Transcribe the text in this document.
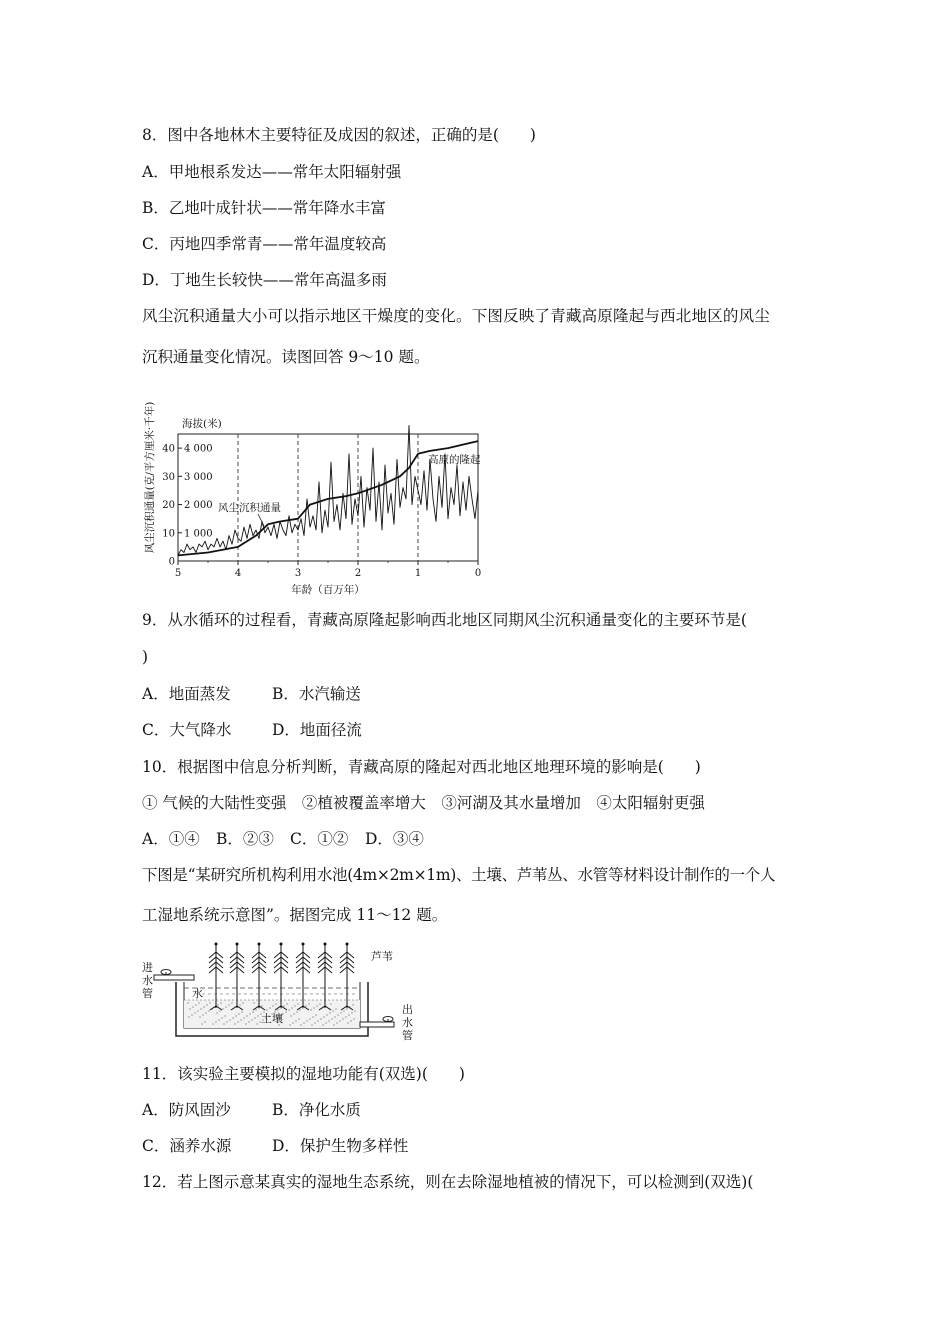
8．图中各地林木主要特征及成因的叙述，正确的是(　　)
A．甲地根系发达——常年太阳辐射强
B．乙地叶成针状——常年降水丰富
C．丙地四季常青——常年温度较高
D．丁地生长较快——常年高温多雨
风尘沉积通量大小可以指示地区干燥度的变化。下图反映了青藏高原隆起与西北地区的风尘
沉积通量变化情况。读图回答 9～10 题。
5	4	3	2	1	0
0
10
20
30
40
1 000
2 000
3 000
4 000
海拔(米)
风尘沉积通量
高原的隆起
年龄（百万年）
风尘沉积通量(克/平方厘米·千年)
9．从水循环的过程看，青藏高原隆起影响西北地区同期风尘沉积通量变化的主要环节是(
)
A．地面蒸发	B．水汽输送
C．大气降水	D．地面径流
10．根据图中信息分析判断，青藏高原的隆起对西北地区地理环境的影响是(　　)
① 气候的大陆性变强　②植被覆盖率增大　③河湖及其水量增加　④太阳辐射更强
A．①④ B．②③ C．①② D．③④
下图是“某研究所机构利用水池(4m×2m×1m)、土壤、芦苇丛、水管等材料设计制作的一个人
工湿地系统示意图”。据图完成 11～12 题。
进
水
管	水
土壤
芦苇
出
水
管
11．该实验主要模拟的湿地功能有(双选)(　　)
A．防风固沙	B．净化水质
C．涵养水源	D．保护生物多样性
12．若上图示意某真实的湿地生态系统，则在去除湿地植被的情况下，可以检测到(双选)(
